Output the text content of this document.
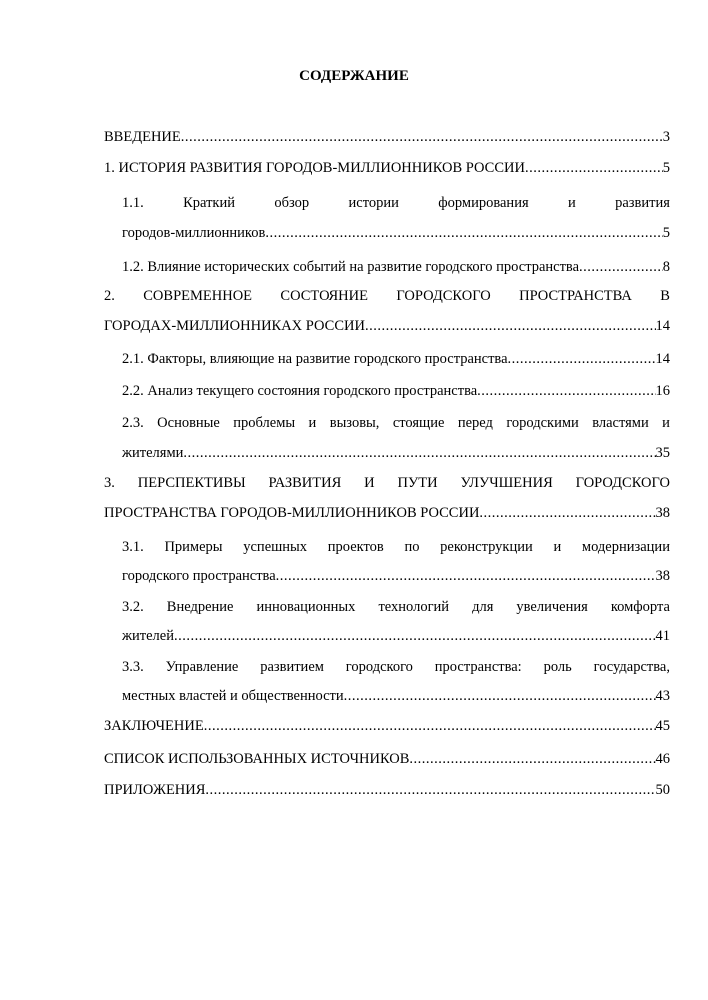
СОДЕРЖАНИЕ
ВВЕДЕНИЕ .....	3
1. ИСТОРИЯ РАЗВИТИЯ ГОРОДОВ-МИЛЛИОННИКОВ РОССИИ .....	5
1.1.	Краткий	обзор	истории	формирования	и	развития
городов-миллионников .....	5
1.2. Влияние исторических событий на развитие городского пространства .....	8
2. СОВРЕМЕННОЕ СОСТОЯНИЕ ГОРОДСКОГО ПРОСТРАНСТВА В
ГОРОДАХ-МИЛЛИОННИКАХ РОССИИ .....	14
2.1. Факторы, влияющие на развитие городского пространства .....	14
2.2. Анализ текущего состояния городского пространства .....	16
2.3. Основные проблемы и вызовы, стоящие перед городскими властями и
жителями .....	35
3. ПЕРСПЕКТИВЫ РАЗВИТИЯ И ПУТИ УЛУЧШЕНИЯ ГОРОДСКОГО
ПРОСТРАНСТВА ГОРОДОВ-МИЛЛИОННИКОВ РОССИИ .....	38
3.1. Примеры успешных проектов по реконструкции и модернизации
городского пространства .....	38
3.2. Внедрение инновационных технологий для увеличения комфорта
жителей .....	41
3.3. Управление развитием городского пространства: роль государства,
местных властей и общественности .....	43
ЗАКЛЮЧЕНИЕ .....	45
СПИСОК ИСПОЛЬЗОВАННЫХ ИСТОЧНИКОВ .....	46
ПРИЛОЖЕНИЯ .....	50
